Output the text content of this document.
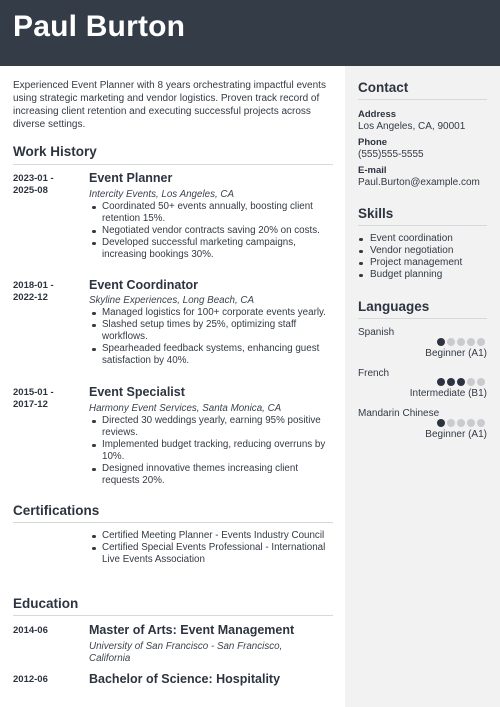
Paul Burton
Experienced Event Planner with 8 years orchestrating impactful events using strategic marketing and vendor logistics. Proven track record of increasing client retention and executing successful projects across diverse settings.
Work History
2023-01 -
2025-08
Event Planner
Intercity Events, Los Angeles, CA
Coordinated 50+ events annually, boosting client retention 15%.
Negotiated vendor contracts saving 20% on costs.
Developed successful marketing campaigns, increasing bookings 30%.
2018-01 -
2022-12
Event Coordinator
Skyline Experiences, Long Beach, CA
Managed logistics for 100+ corporate events yearly.
Slashed setup times by 25%, optimizing staff workflows.
Spearheaded feedback systems, enhancing guest satisfaction by 40%.
2015-01 -
2017-12
Event Specialist
Harmony Event Services, Santa Monica, CA
Directed 30 weddings yearly, earning 95% positive reviews.
Implemented budget tracking, reducing overruns by 10%.
Designed innovative themes increasing client requests 20%.
Certifications
Certified Meeting Planner - Events Industry Council
Certified Special Events Professional - International Live Events Association
Education
2014-06	Master of Arts: Event Management
University of San Francisco - San Francisco, California
2012-06	Bachelor of Science: Hospitality
Contact
Address
Los Angeles, CA, 90001
Phone
(555)555-5555
E-mail
Paul.Burton@example.com
Skills
Event coordination
Vendor negotiation
Project management
Budget planning
Languages
Spanish
Beginner (A1)
French
Intermediate (B1)
Mandarin Chinese
Beginner (A1)
